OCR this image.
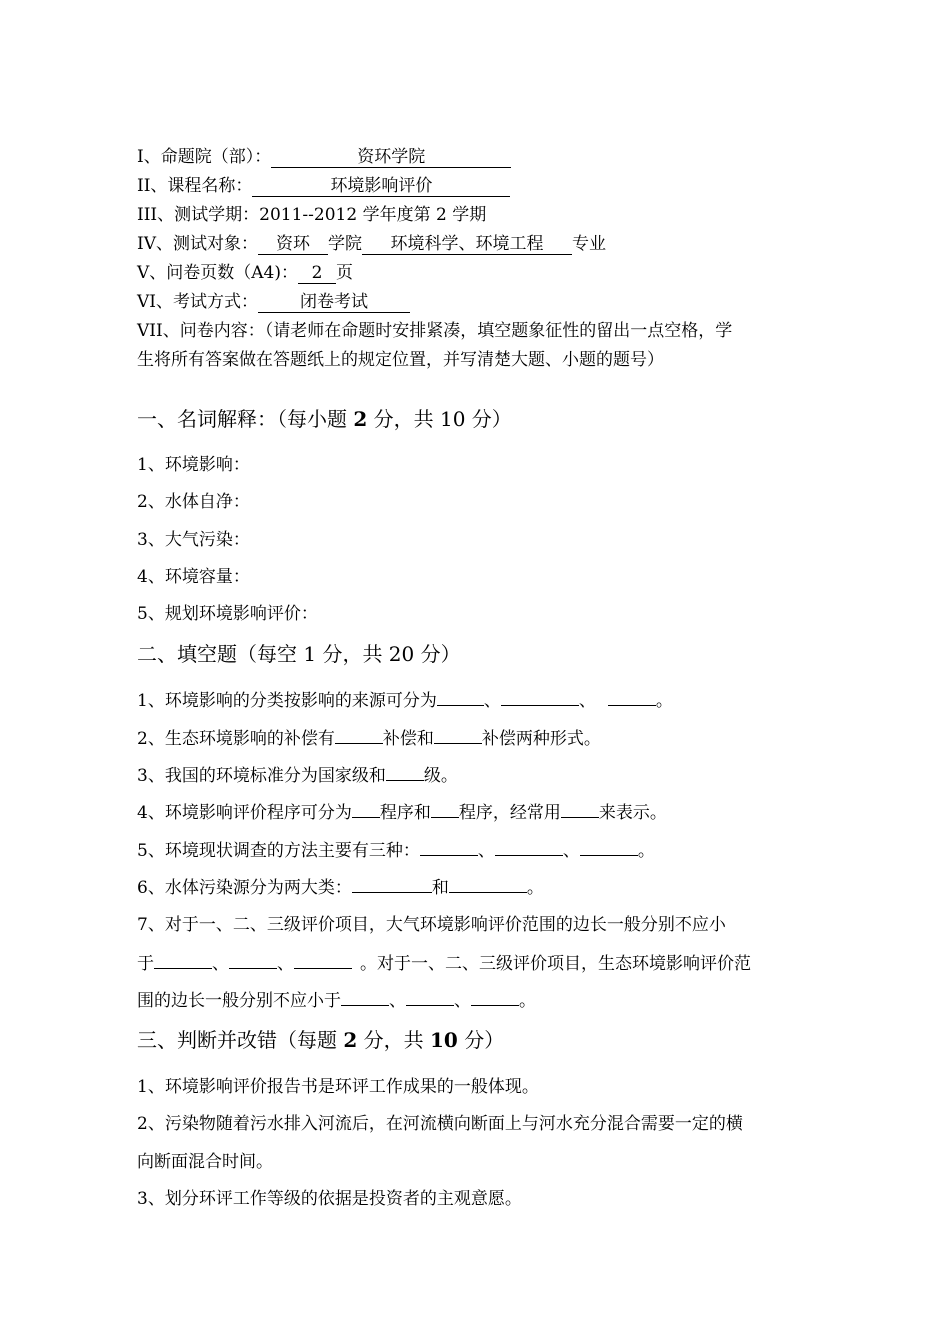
I、命题院（部）：	资环学院
II、课程名称：	环境影响评价
III、测试学期：2011--2012 学年度第 2 学期
IV、测试对象： 资环 学院 环境科学、环境工程 专业
V、问卷页数（A4)： 2 页
VI、考试方式： 闭卷考试
VII、问卷内容：（请老师在命题时安排紧凑，填空题象征性的留出一点空格，学
生将所有答案做在答题纸上的规定位置，并写清楚大题、小题的题号）
一、名词解释：（每小题 2 分，共 10 分）
1、环境影响：
2、水体自净：
3、大气污染：
4、环境容量：
5、规划环境影响评价：
二、填空题（每空 1 分，共 20 分）
1、环境影响的分类按影响的来源可分为	、	、	。
2、生态环境影响的补偿有	补偿和	补偿两种形式。
3、我国的环境标准分为国家级和 级。
4、环境影响评价程序可分为 程序和 程序，经常用 来表示。
5、环境现状调查的方法主要有三种：	、	、	。
6、水体污染源分为两大类：	和	。
7、对于一、二、三级评价项目，大气环境影响评价范围的边长一般分别不应小
于	、	、	。对于一、二、三级评价项目，生态环境影响评价范
围的边长一般分别不应小于	、	、	。
三、判断并改错（每题 2 分，共 10 分）
1、环境影响评价报告书是环评工作成果的一般体现。
2、污染物随着污水排入河流后，在河流横向断面上与河水充分混合需要一定的横
向断面混合时间。
3、划分环评工作等级的依据是投资者的主观意愿。
